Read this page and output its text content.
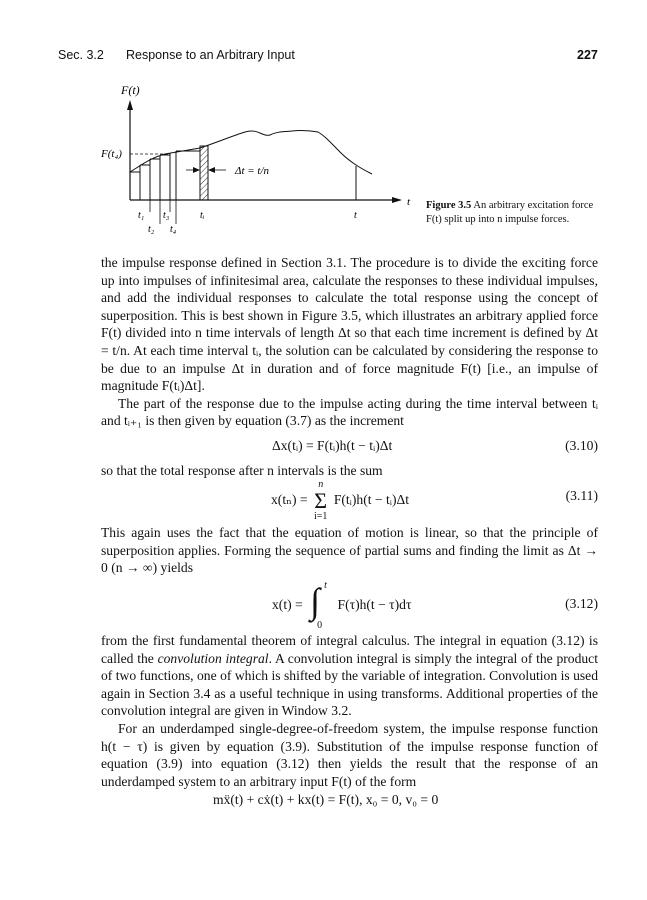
Sec. 3.2 Response to an Arbitrary Input	227
F(t)
F(t₄)
Δt = t/n
t
t₁ t₃	tᵢ	t
t₂ t₄
Figure 3.5 An arbitrary excitation force F(t) split up into n impulse forces.

the impulse response defined in Section 3.1. The procedure is to divide the exciting force up into impulses of infinitesimal area, calculate the responses to these individual impulses, and add the individual responses to calculate the total response using the concept of superposition. This is best shown in Figure 3.5, which illustrates an arbitrary applied force F(t) divided into n time intervals of length Δt so that each time increment is defined by Δt = t/n. At each time interval tᵢ, the solution can be calculated by considering the response to be due to an impulse Δt in duration and of force magnitude F(t) [i.e., an impulse of magnitude F(tᵢ)Δt].

The part of the response due to the impulse acting during the time interval between tᵢ and tᵢ₊₁ is then given by equation (3.7) as the increment

Δx(tᵢ) = F(tᵢ)h(t − tᵢ)Δt	(3.10)

so that the total response after n intervals is the sum

x(tₙ) =
n
Σ
i=1
F(tᵢ)h(t − tᵢ)Δt	(3.11)

This again uses the fact that the equation of motion is linear, so that the principle of superposition applies. Forming the sequence of partial sums and finding the limit as Δt → 0 (n → ∞) yields

x(t) = ∫ t
0
F(τ)h(t − τ)dτ	(3.12)

from the first fundamental theorem of integral calculus. The integral in equation (3.12) is called the convolution integral. A convolution integral is simply the integral of the product of two functions, one of which is shifted by the variable of integration. Convolution is used again in Section 3.4 as a useful technique in using transforms. Additional properties of the convolution integral are given in Window 3.2.

For an underdamped single-degree-of-freedom system, the impulse response function h(t − τ) is given by equation (3.9). Substitution of the impulse response function of equation (3.9) into equation (3.12) then yields the result that the response of an underdamped system to an arbitrary input F(t) of the form

mẍ(t) + cẋ(t) + kx(t) = F(t), x₀ = 0, v₀ = 0
